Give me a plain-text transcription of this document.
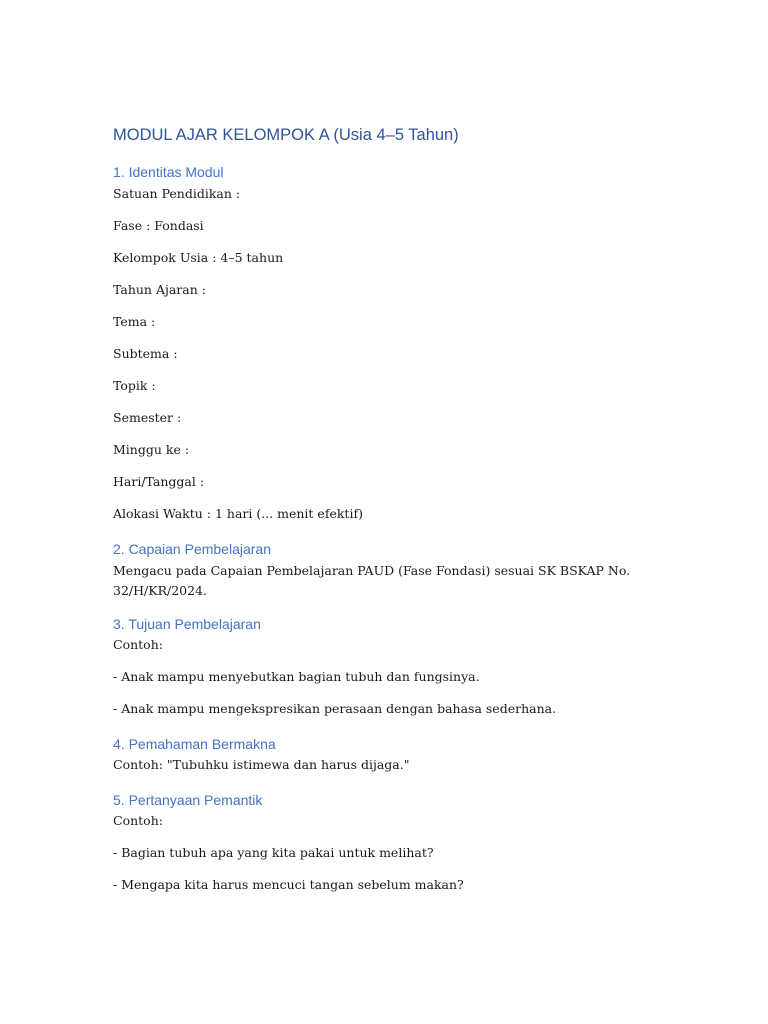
MODUL AJAR KELOMPOK A (Usia 4–5 Tahun)
1. Identitas Modul

Satuan Pendidikan :

Fase : Fondasi

Kelompok Usia : 4–5 tahun

Tahun Ajaran :

Tema :

Subtema :

Topik :

Semester :

Minggu ke :

Hari/Tanggal :

Alokasi Waktu : 1 hari (... menit efektif)

2. Capaian Pembelajaran

Mengacu pada Capaian Pembelajaran PAUD (Fase Fondasi) sesuai SK BSKAP No. 32/H/KR/2024.

3. Tujuan Pembelajaran

Contoh:

- Anak mampu menyebutkan bagian tubuh dan fungsinya.

- Anak mampu mengekspresikan perasaan dengan bahasa sederhana.

4. Pemahaman Bermakna

Contoh: "Tubuhku istimewa dan harus dijaga."

5. Pertanyaan Pemantik

Contoh:

- Bagian tubuh apa yang kita pakai untuk melihat?

- Mengapa kita harus mencuci tangan sebelum makan?
